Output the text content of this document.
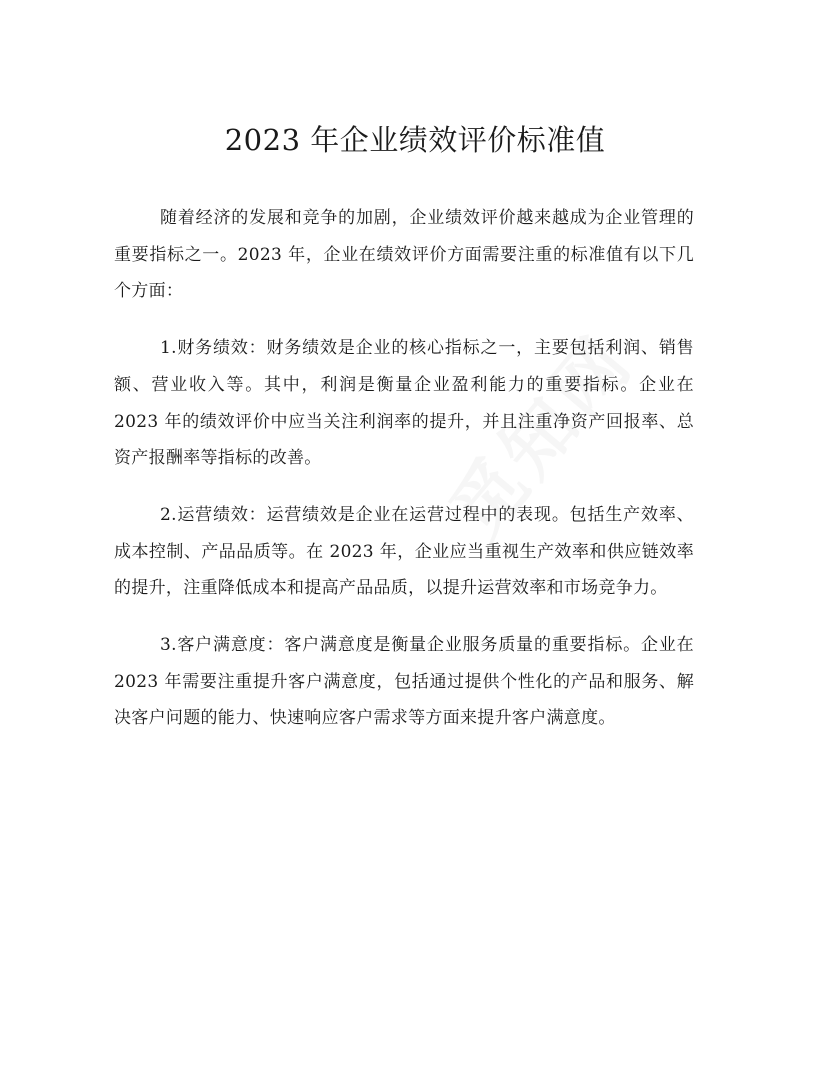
2023 年企业绩效评价标准值

随着经济的发展和竞争的加剧，企业绩效评价越来越成为企业管理的重要指标之一。2023 年，企业在绩效评价方面需要注重的标准值有以下几个方面：

1.财务绩效：财务绩效是企业的核心指标之一，主要包括利润、销售额、营业收入等。其中，利润是衡量企业盈利能力的重要指标。企业在 2023 年的绩效评价中应当关注利润率的提升，并且注重净资产回报率、总资产报酬率等指标的改善。

2.运营绩效：运营绩效是企业在运营过程中的表现。包括生产效率、成本控制、产品品质等。在 2023 年，企业应当重视生产效率和供应链效率的提升，注重降低成本和提高产品品质，以提升运营效率和市场竞争力。

3.客户满意度：客户满意度是衡量企业服务质量的重要指标。企业在 2023 年需要注重提升客户满意度，包括通过提供个性化的产品和服务、解决客户问题的能力、快速响应客户需求等方面来提升客户满意度。
